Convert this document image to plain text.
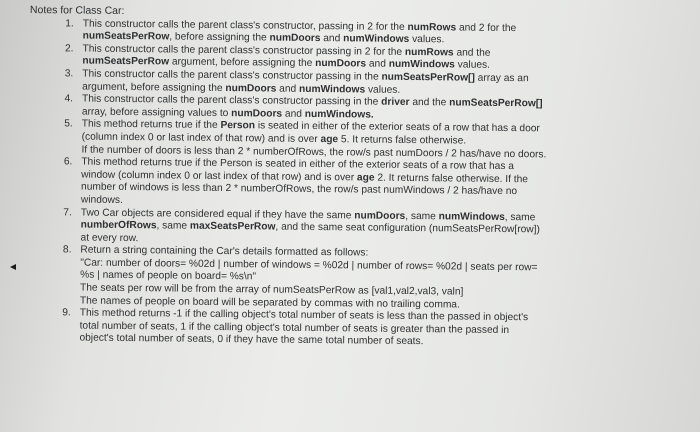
Notes for Class Car:
1. This constructor calls the parent class's constructor, passing in 2 for the numRows and 2 for the
numSeatsPerRow, before assigning the numDoors and numWindows values.
2. This constructor calls the parent class's constructor passing in 2 for the numRows and the
numSeatsPerRow argument, before assigning the numDoors and numWindows values.
3. This constructor calls the parent class's constructor passing in the numSeatsPerRow[] array as an
argument, before assigning the numDoors and numWindows values.
4. This constructor calls the parent class's constructor passing in the driver and the numSeatsPerRow[]
array, before assigning values to numDoors and numWindows.
5. This method returns true if the Person is seated in either of the exterior seats of a row that has a door
(column index 0 or last index of that row) and is over age 5. It returns false otherwise.
If the number of doors is less than 2 * numberOfRows, the row/s past numDoors / 2 has/have no doors.
6. This method returns true if the Person is seated in either of the exterior seats of a row that has a
window (column index 0 or last index of that row) and is over age 2. It returns false otherwise. If the
number of windows is less than 2 * numberOfRows, the row/s past numWindows / 2 has/have no
windows.
7. Two Car objects are considered equal if they have the same numDoors, same numWindows, same
numberOfRows, same maxSeatsPerRow, and the same seat configuration (numSeatsPerRow[row])
at every row.
8. Return a string containing the Car's details formatted as follows:
"Car: number of doors= %02d | number of windows = %02d | number of rows= %02d | seats per row=
%s | names of people on board= %s\n"
The seats per row will be from the array of numSeatsPerRow as [val1,val2,val3, valn]
The names of people on board will be separated by commas with no trailing comma.
9. This method returns -1 if the calling object's total number of seats is less than the passed in object's
total number of seats, 1 if the calling object's total number of seats is greater than the passed in
object's total number of seats, 0 if they have the same total number of seats.
